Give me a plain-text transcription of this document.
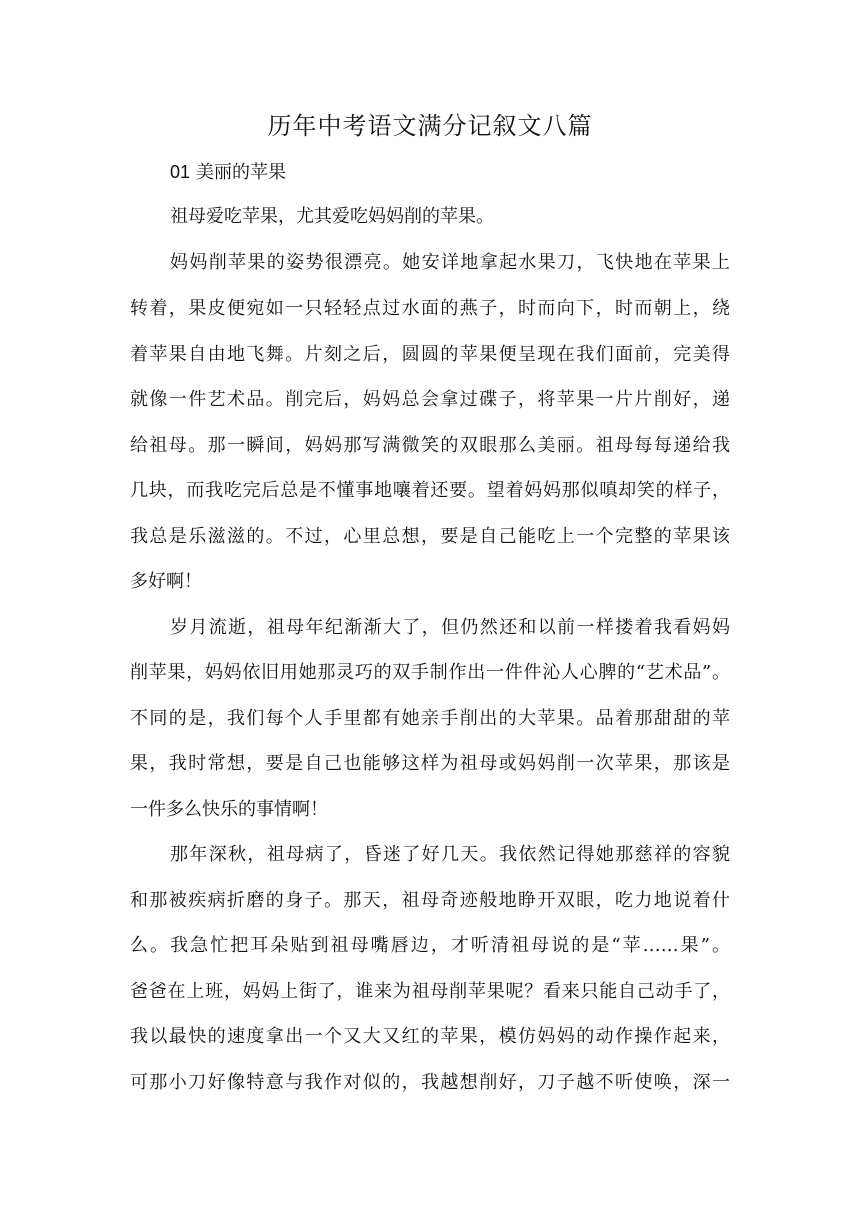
历年中考语文满分记叙文八篇
01 美丽的苹果
祖母爱吃苹果，尤其爱吃妈妈削的苹果。
妈妈削苹果的姿势很漂亮。她安详地拿起水果刀，飞快地在苹果上
转着，果皮便宛如一只轻轻点过水面的燕子，时而向下，时而朝上，绕
着苹果自由地飞舞。片刻之后，圆圆的苹果便呈现在我们面前，完美得
就像一件艺术品。削完后，妈妈总会拿过碟子，将苹果一片片削好，递
给祖母。那一瞬间，妈妈那写满微笑的双眼那么美丽。祖母每每递给我
几块，而我吃完后总是不懂事地嚷着还要。望着妈妈那似嗔却笑的样子，
我总是乐滋滋的。不过，心里总想，要是自己能吃上一个完整的苹果该
多好啊！
岁月流逝，祖母年纪渐渐大了，但仍然还和以前一样搂着我看妈妈
削苹果，妈妈依旧用她那灵巧的双手制作出一件件沁人心脾的“艺术品”。
不同的是，我们每个人手里都有她亲手削出的大苹果。品着那甜甜的苹
果，我时常想，要是自己也能够这样为祖母或妈妈削一次苹果，那该是
一件多么快乐的事情啊！
那年深秋，祖母病了，昏迷了好几天。我依然记得她那慈祥的容貌
和那被疾病折磨的身子。那天，祖母奇迹般地睁开双眼，吃力地说着什
么。我急忙把耳朵贴到祖母嘴唇边，才听清祖母说的是“苹……果”。
爸爸在上班，妈妈上街了，谁来为祖母削苹果呢？看来只能自己动手了，
我以最快的速度拿出一个又大又红的苹果，模仿妈妈的动作操作起来，
可那小刀好像特意与我作对似的，我越想削好，刀子越不听使唤，深一
